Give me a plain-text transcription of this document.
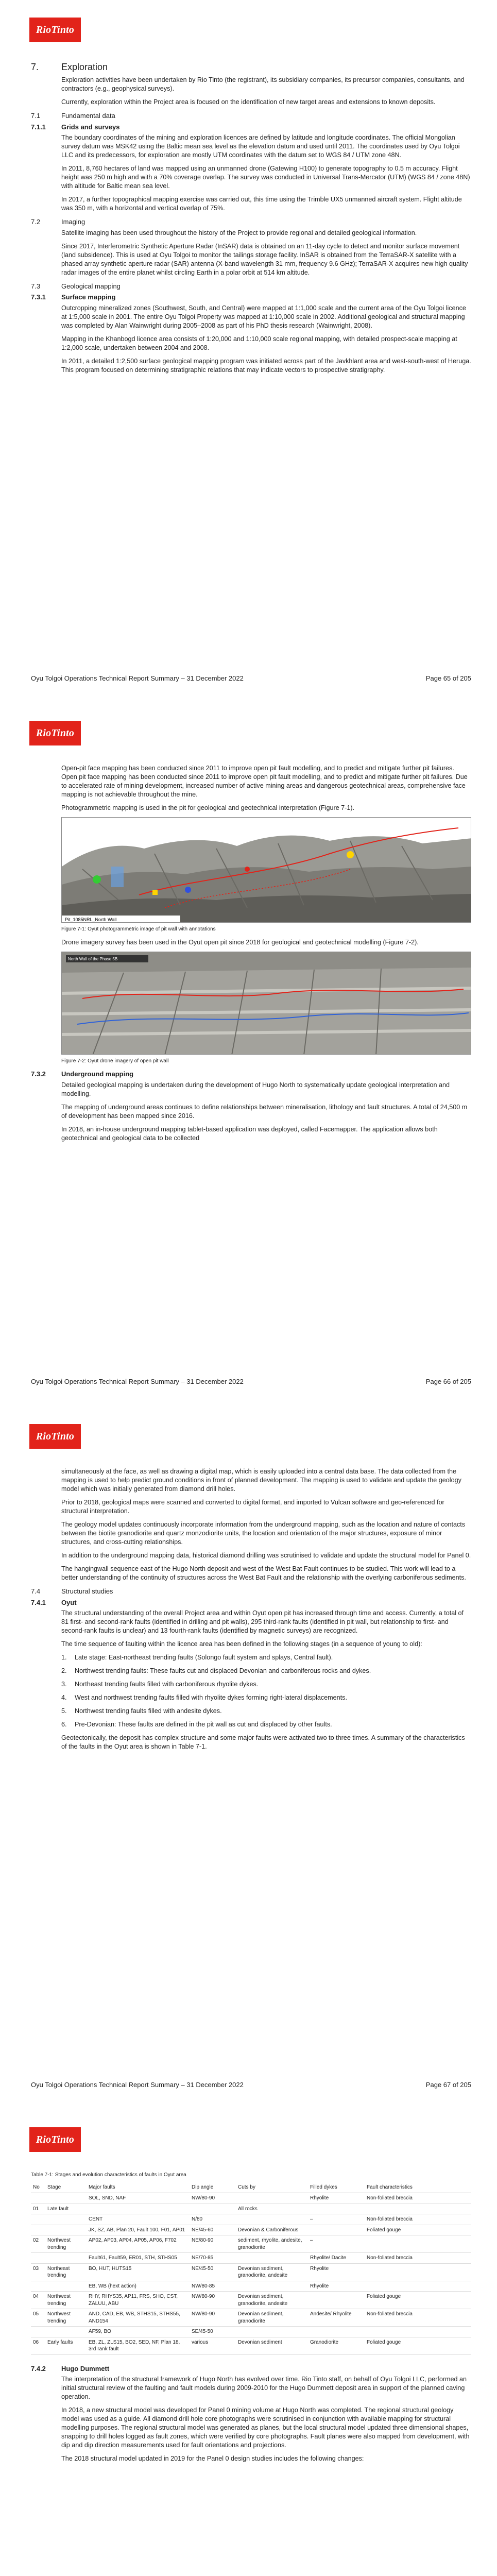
RioTinto
7.	Exploration

Exploration activities have been undertaken by Rio Tinto (the registrant), its subsidiary companies, its precursor companies, consultants, and contractors (e.g., geophysical surveys).

Currently, exploration within the Project area is focused on the identification of new target areas and extensions to known deposits.

7.1	Fundamental data
7.1.1	Grids and surveys

The boundary coordinates of the mining and exploration licences are defined by latitude and longitude coordinates. The official Mongolian survey datum was MSK42 using the Baltic mean sea level as the elevation datum and used until 2011. The coordinates used by Oyu Tolgoi LLC and its predecessors, for exploration are mostly UTM coordinates with the datum set to WGS 84 / UTM zone 48N.

In 2011, 8,760 hectares of land was mapped using an unmanned drone (Gatewing H100) to generate topography to 0.5 m accuracy. Flight height was 250 m high and with a 70% coverage overlap. The survey was conducted in Universal Trans-Mercator (UTM) (WGS 84 / zone 48N) with altitude for Baltic mean sea level.

In 2017, a further topographical mapping exercise was carried out, this time using the Trimble UX5 unmanned aircraft system. Flight altitude was 350 m, with a horizontal and vertical overlap of 75%.

7.2	Imaging

Satellite imaging has been used throughout the history of the Project to provide regional and detailed geological information.

Since 2017, Interferometric Synthetic Aperture Radar (InSAR) data is obtained on an 11-day cycle to detect and monitor surface movement (land subsidence). This is used at Oyu Tolgoi to monitor the tailings storage facility. InSAR is obtained from the TerraSAR-X satellite with a phased array synthetic aperture radar (SAR) antenna (X-band wavelength 31 mm, frequency 9.6 GHz); TerraSAR-X acquires new high quality radar images of the entire planet whilst circling Earth in a polar orbit at 514 km altitude.

7.3	Geological mapping
7.3.1	Surface mapping

Outcropping mineralized zones (Southwest, South, and Central) were mapped at 1:1,000 scale and the current area of the Oyu Tolgoi licence at 1:5,000 scale in 2001. The entire Oyu Tolgoi Property was mapped at 1:10,000 scale in 2002. Additional geological and structural mapping was completed by Alan Wainwright during 2005–2008 as part of his PhD thesis research (Wainwright, 2008).

Mapping in the Khanbogd licence area consists of 1:20,000 and 1:10,000 scale regional mapping, with detailed prospect-scale mapping at 1:2,000 scale, undertaken between 2004 and 2008.

In 2011, a detailed 1:2,500 surface geological mapping program was initiated across part of the Javkhlant area and west-south-west of Heruga. This program focused on determining stratigraphic relations that may indicate vectors to prospective stratigraphy.

Oyu Tolgoi Operations Technical Report Summary – 31 December 2022	Page 65 of 205
RioTinto

Open-pit face mapping has been conducted since 2011 to improve open pit fault modelling, and to predict and mitigate further pit failures. Open pit face mapping has been conducted since 2011 to improve open pit fault modelling, and to predict and mitigate further pit failures. Due to accelerated rate of mining development, increased number of active mining areas and dangerous geotechnical areas, comprehensive face mapping is not achievable throughout the mine.

Photogrammetric mapping is used in the pit for geological and geotechnical interpretation (Figure 7-1).

Pit_1085NRL_North Wall
Figure 7-1: Oyut photogrammetric image of pit wall with annotations

Drone imagery survey has been used in the Oyut open pit since 2018 for geological and geotechnical modelling (Figure 7-2).

North Wall of the Phase 5B
Figure 7-2: Oyut drone imagery of open pit wall
7.3.2	Underground mapping

Detailed geological mapping is undertaken during the development of Hugo North to systematically update geological interpretation and modelling.

The mapping of underground areas continues to define relationships between mineralisation, lithology and fault structures. A total of 24,500 m of development has been mapped since 2016.

In 2018, an in-house underground mapping tablet-based application was deployed, called Facemapper. The application allows both geotechnical and geological data to be collected

Oyu Tolgoi Operations Technical Report Summary – 31 December 2022	Page 66 of 205
RioTinto

simultaneously at the face, as well as drawing a digital map, which is easily uploaded into a central data base. The data collected from the mapping is used to help predict ground conditions in front of planned development. The mapping is used to validate and update the geology model which was initially generated from diamond drill holes.

Prior to 2018, geological maps were scanned and converted to digital format, and imported to Vulcan software and geo-referenced for structural interpretation.

The geology model updates continuously incorporate information from the underground mapping, such as the location and nature of contacts between the biotite granodiorite and quartz monzodiorite units, the location and orientation of the major structures, exposure of minor structures, and cross-cutting relationships.

In addition to the underground mapping data, historical diamond drilling was scrutinised to validate and update the structural model for Panel 0.

The hangingwall sequence east of the Hugo North deposit and west of the West Bat Fault continues to be studied. This work will lead to a better understanding of the continuity of structures across the West Bat Fault and the relationship with the overlying carboniferous sediments.

7.4	Structural studies
7.4.1	Oyut

The structural understanding of the overall Project area and within Oyut open pit has increased through time and access. Currently, a total of 81 first- and second-rank faults (identified in drilling and pit walls), 295 third-rank faults (identified in pit wall, but relationship to first- and second-rank faults is unclear) and 13 fourth-rank faults (identified by magnetic surveys) are recognized.

The time sequence of faulting within the licence area has been defined in the following stages (in a sequence of young to old):

1.	Late stage: East-northeast trending faults (Solongo fault system and splays, Central fault).
2.	Northwest trending faults: These faults cut and displaced Devonian and carboniferous rocks and dykes.
3.	Northeast trending faults filled with carboniferous rhyolite dykes.
4.	West and northwest trending faults filled with rhyolite dykes forming right-lateral displacements.
5.	Northwest trending faults filled with andesite dykes.
6.	Pre-Devonian: These faults are defined in the pit wall as cut and displaced by other faults.

Geotectonically, the deposit has complex structure and some major faults were activated two to three times. A summary of the characteristics of the faults in the Oyut area is shown in Table 7-1.

Oyu Tolgoi Operations Technical Report Summary – 31 December 2022	Page 67 of 205
RioTinto
Table 7-1: Stages and evolution characteristics of faults in Oyut area
No	Stage	Major faults	Dip angle	Cuts by	Filled dykes	Fault characteristics
		SOL, SND, NAF	NW/80-90		Rhyolite	Non-foliated breccia
01	Late fault			All rocks		
		CENT	N/80		–	Non-foliated breccia
		JK, SZ, AB, Plan 20, Fault 100, F01, AP01	NE/45-60	Devonian & Carboniferous		Foliated gouge
02	Northwest trending	AP02, AP03, AP04, AP05, AP06, F702	NE/80-90	sediment, rhyolite, andesite, granodiorite	–	
		Fault61, Fault59, ER01, STH, STHS05	NE/70-85		Rhyolite/ Dacite	Non-foliated breccia
03	Northeast trending	BO, HUT, HUTS15	NE/45-50	Devonian sediment, granodiorite, andesite	Rhyolite	
		EB, WB (hext action)	NW/80-85		Rhyolite	
04	Northwest trending	RHY, RHYS35, AP11, FRS, SHO, CST, ZALUU, ABU	NW/80-90	Devonian sediment, granodiorite, andesite		Foliated gouge
05	Northwest trending	AND, CAD, EB, WB, STHS15, STHS55, AND154	NW/80-90	Devonian sediment, granodiorite	Andesite/ Rhyolite	Non-foliated breccia
		AF59, BO	SE/45-50			
06	Early faults	EB, ZL, ZLS15, BO2, SED, NF, Plan 18, 3rd rank fault	various	Devonian sediment	Granodiorite	Foliated gouge
7.4.2	Hugo Dummett

The interpretation of the structural framework of Hugo North has evolved over time. Rio Tinto staff, on behalf of Oyu Tolgoi LLC, performed an initial structural review of the faulting and fault models during 2009-2010 for the Hugo Dummett deposit area in support of the planned caving operation.

In 2018, a new structural model was developed for Panel 0 mining volume at Hugo North was completed. The regional structural geology model was used as a guide. All diamond drill hole core photographs were scrutinised in conjunction with available mapping for structural modelling purposes. The regional structural model was generated as planes, but the local structural model updated three dimensional shapes, snapping to drill holes logged as fault zones, which were verified by core photographs. Fault planes were also mapped from development, with dip and dip direction measurements used for fault orientations and projections.

The 2018 structural model updated in 2019 for the Panel 0 design studies includes the following changes:
